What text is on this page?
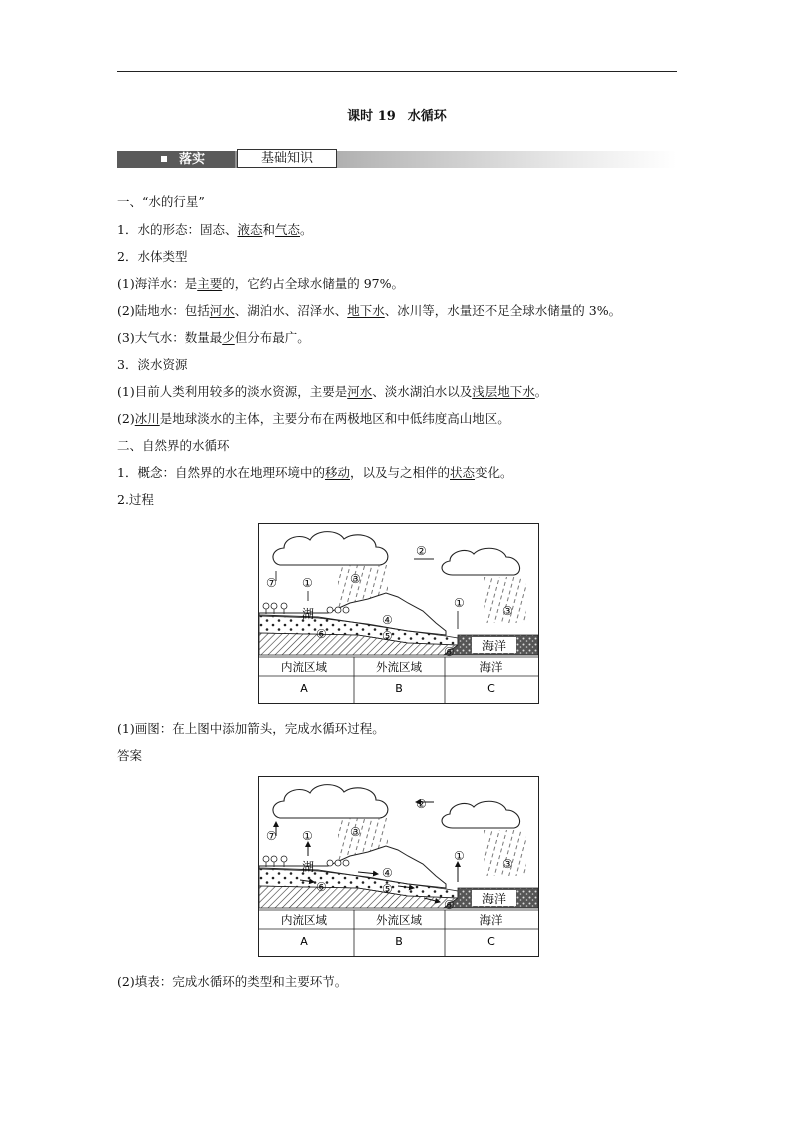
课时 19 水循环
落实	基础知识
一、“水的行星”
1．水的形态：固态、液态和气态。
2．水体类型
(1)海洋水：是主要的，它约占全球水储量的 97%。
(2)陆地水：包括河水、湖泊水、沼泽水、地下水、冰川等，水量还不足全球水储量的 3%。
(3)大气水：数量最少但分布最广。
3．淡水资源
(1)目前人类利用较多的淡水资源，主要是河水、淡水湖泊水以及浅层地下水。
(2)冰川是地球淡水的主体，主要分布在两极地区和中低纬度高山地区。
二、自然界的水循环
1．概念：自然界的水在地理环境中的移动，以及与之相伴的状态变化。
2.过程
海洋
内流区域	外流区域	海洋
A	B	C
⑦ ①
②
③
①
③
④
⑤
⑥
⑥
湖
(1)画图：在上图中添加箭头，完成水循环过程。
答案
海洋
内流区域	外流区域	海洋
A	B	C
⑦ ①
②
③
①
③
④
⑤
⑥
⑥
湖
(2)填表：完成水循环的类型和主要环节。
